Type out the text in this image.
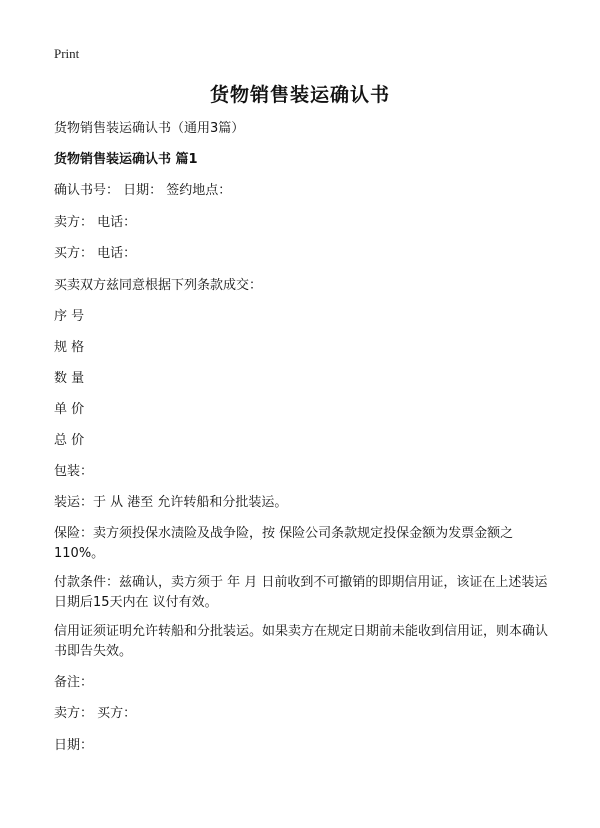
Print
货物销售装运确认书
货物销售装运确认书（通用3篇）
货物销售装运确认书 篇1
确认书号： 日期： 签约地点：
卖方： 电话：
买方： 电话：
买卖双方兹同意根据下列条款成交：
序 号
规 格
数 量
单 价
总 价
包装：
装运：于 从 港至 允许转船和分批装运。
保险：卖方须投保水渍险及战争险，按 保险公司条款规定投保金额为发票金额之110%。
付款条件：兹确认，卖方须于 年 月 日前收到不可撤销的即期信用证，该证在上述装运日期后15天内在 议付有效。
信用证须证明允许转船和分批装运。如果卖方在规定日期前未能收到信用证，则本确认书即告失效。
备注：
卖方： 买方：
日期：
